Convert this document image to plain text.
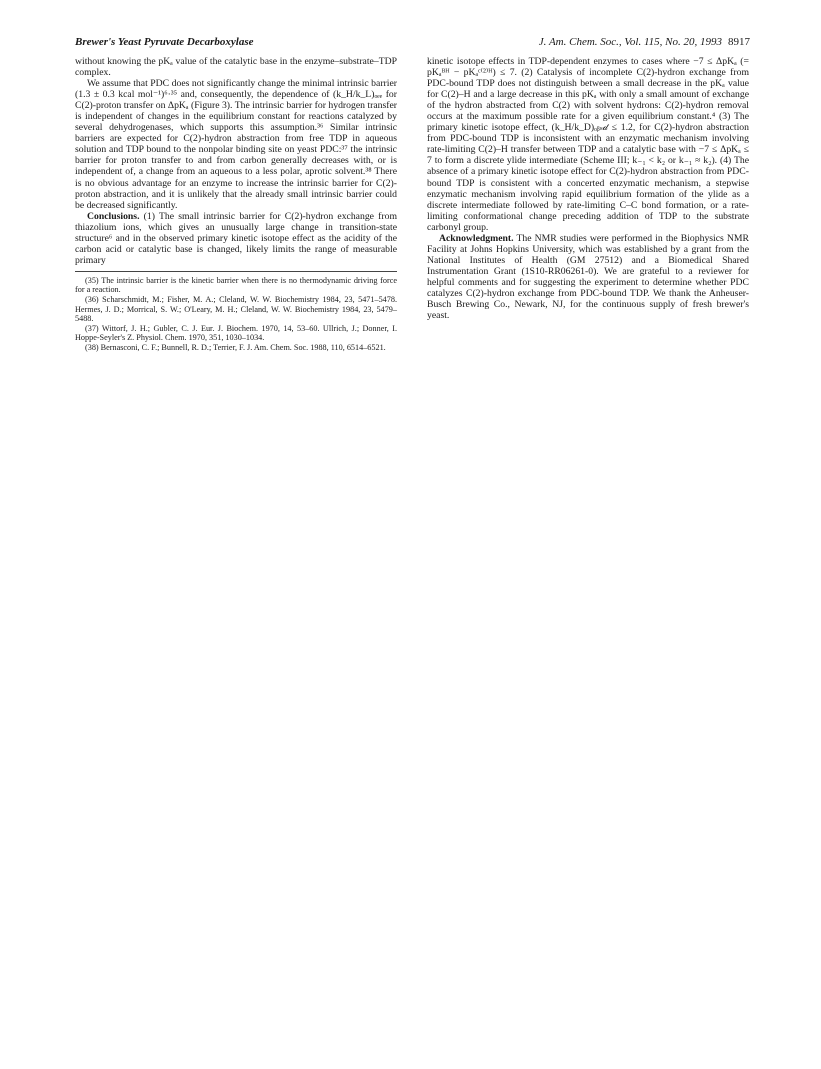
Brewer's Yeast Pyruvate Decarboxylase	J. Am. Chem. Soc., Vol. 115, No. 20, 1993 8917

without knowing the pKₐ value of the catalytic base in the enzyme–substrate–TDP complex.

We assume that PDC does not significantly change the minimal intrinsic barrier (1.3 ± 0.3 kcal mol⁻¹)⁶·³⁵ and, consequently, the dependence of (k_H/k_L)ₒₑₑ for C(2)-proton transfer on ΔpKₐ (Figure 3). The intrinsic barrier for hydrogen transfer is independent of changes in the equilibrium constant for reactions catalyzed by several dehydrogenases, which supports this assumption.³⁶ Similar intrinsic barriers are expected for C(2)-hydron abstraction from free TDP in aqueous solution and TDP bound to the nonpolar binding site on yeast PDC:³⁷ the intrinsic barrier for proton transfer to and from carbon generally decreases with, or is independent of, a change from an aqueous to a less polar, aprotic solvent.³⁸ There is no obvious advantage for an enzyme to increase the intrinsic barrier for C(2)-proton abstraction, and it is unlikely that the already small intrinsic barrier could be decreased significantly.

Conclusions. (1) The small intrinsic barrier for C(2)-hydron exchange from thiazolium ions, which gives an unusually large change in transition-state structure⁶ and in the observed primary kinetic isotope effect as the acidity of the carbon acid or catalytic base is changed, likely limits the range of measurable primary

(35) The intrinsic barrier is the kinetic barrier when there is no thermodynamic driving force for a reaction.

(36) Scharschmidt, M.; Fisher, M. A.; Cleland, W. W. Biochemistry 1984, 23, 5471–5478. Hermes, J. D.; Morrical, S. W.; O'Leary, M. H.; Cleland, W. W. Biochemistry 1984, 23, 5479–5488.

(37) Wittorf, J. H.; Gubler, C. J. Eur. J. Biochem. 1970, 14, 53–60. Ullrich, J.; Donner, I. Hoppe-Seyler's Z. Physiol. Chem. 1970, 351, 1030–1034.

(38) Bernasconi, C. F.; Bunnell, R. D.; Terrier, F. J. Am. Chem. Soc. 1988, 110, 6514–6521.

kinetic isotope effects in TDP-dependent enzymes to cases where −7 ≤ ΔpKₐ (= pKₐᴮᴴ − pKₐᶜ⁽²⁾ᴴ) ≤ 7. (2) Catalysis of incomplete C(2)-hydron exchange from PDC-bound TDP does not distinguish between a small decrease in the pKₐ value for C(2)–H and a large decrease in this pKₐ with only a small amount of exchange of the hydron abstracted from C(2) with solvent hydrons: C(2)-hydron removal occurs at the maximum possible rate for a given equilibrium constant.⁴ (3) The primary kinetic isotope effect, (k_H/k_D)ₒᵦₛ𝒹 ≤ 1.2, for C(2)-hydron abstraction from PDC-bound TDP is inconsistent with an enzymatic mechanism involving rate-limiting C(2)–H transfer between TDP and a catalytic base with −7 ≤ ΔpKₐ ≤ 7 to form a discrete ylide intermediate (Scheme III; k₋₁ < k₂ or k₋₁ ≈ k₂). (4) The absence of a primary kinetic isotope effect for C(2)-hydron abstraction from PDC-bound TDP is consistent with a concerted enzymatic mechanism, a stepwise enzymatic mechanism involving rapid equilibrium formation of the ylide as a discrete intermediate followed by rate-limiting C–C bond formation, or a rate-limiting conformational change preceding addition of TDP to the substrate carbonyl group.

Acknowledgment. The NMR studies were performed in the Biophysics NMR Facility at Johns Hopkins University, which was established by a grant from the National Institutes of Health (GM 27512) and a Biomedical Shared Instrumentation Grant (1S10-RR06261-0). We are grateful to a reviewer for helpful comments and for suggesting the experiment to determine whether PDC catalyzes C(2)-hydron exchange from PDC-bound TDP. We thank the Anheuser-Busch Brewing Co., Newark, NJ, for the continuous supply of fresh brewer's yeast.
